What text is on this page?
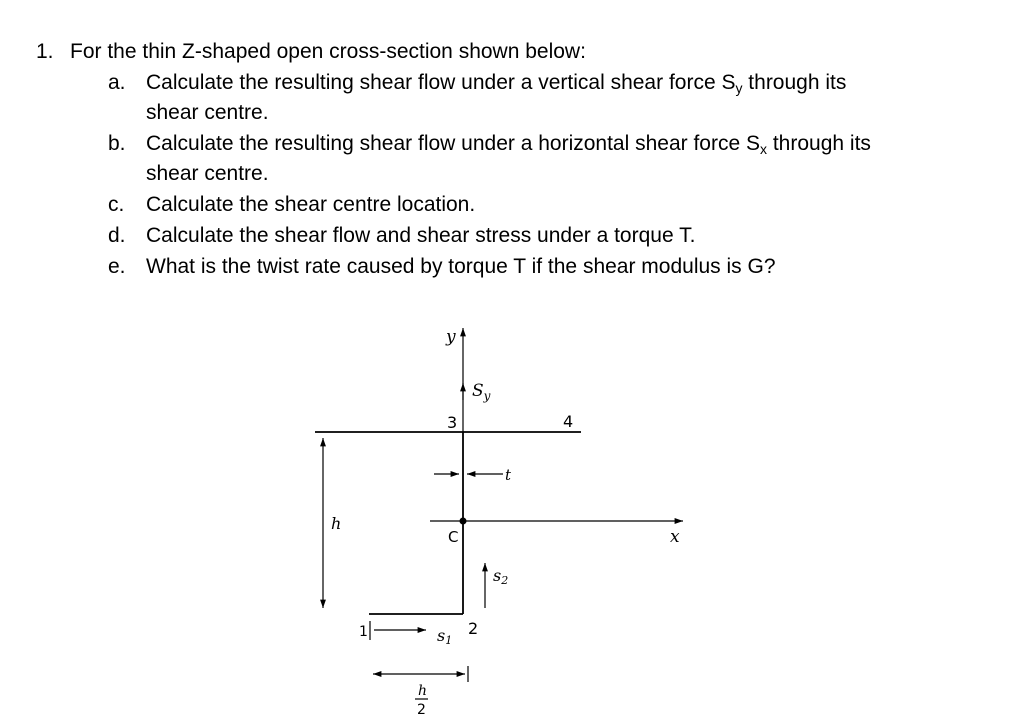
1. For the thin Z-shaped open cross-section shown below:
a. Calculate the resulting shear flow under a vertical shear force $S_y$ through its
shear centre.
b. Calculate the resulting shear flow under a horizontal shear force $S_x$ through its
shear centre.
c. Calculate the shear centre location.
d. Calculate the shear flow and shear stress under a torque T.
e. What is the twist rate caused by torque T if the shear modulus is G?
y
x
$S_y$
3	4
1	2
C
t
h
s1
s2
h
2
